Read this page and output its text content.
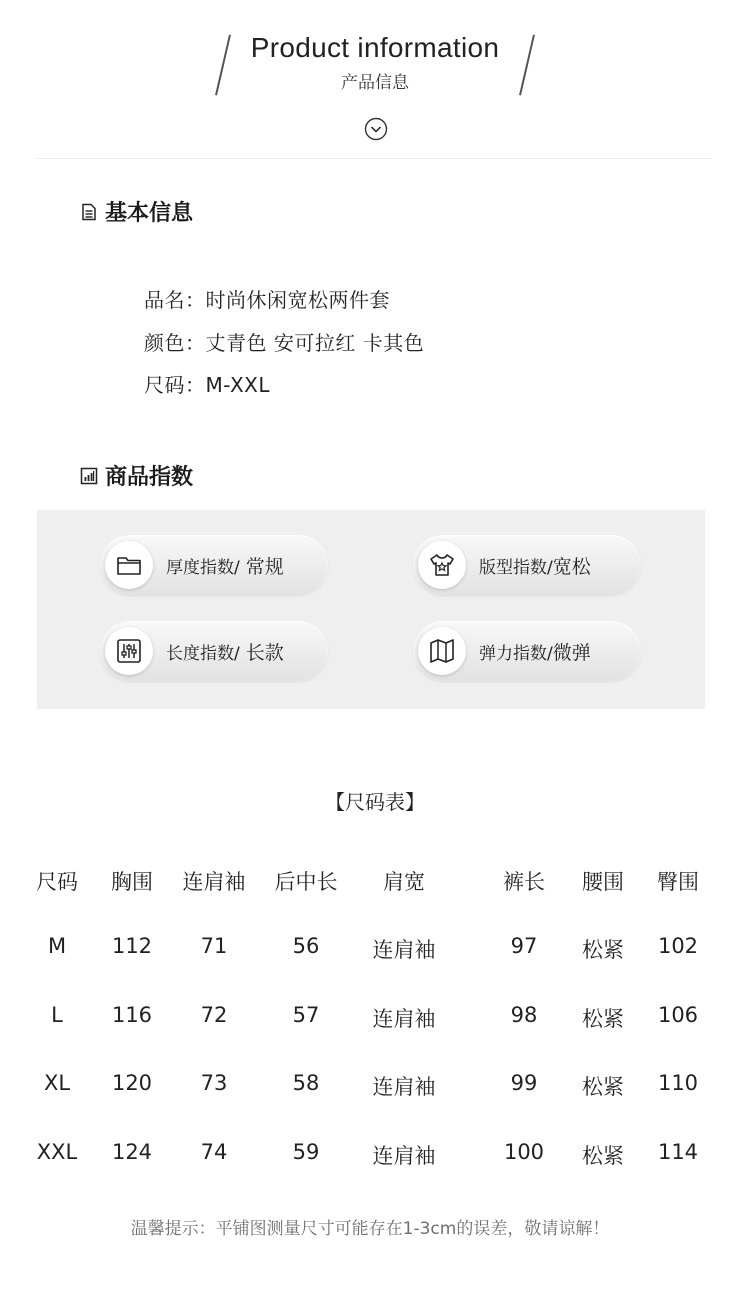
Product information
产品信息
基本信息
品名：时尚休闲宽松两件套
颜色：丈青色 安可拉红 卡其色
尺码：M-XXL
商品指数
厚度指数/ 常规	版型指数/宽松
长度指数/ 长款	弹力指数/微弹
【尺码表】
尺码	胸围	连肩袖	后中长	肩宽	裤长	腰围	臀围
M	112	71	56	连肩袖	97	松紧	102
L	116	72	57	连肩袖	98	松紧	106
XL	120	73	58	连肩袖	99	松紧	110
XXL	124	74	59	连肩袖	100	松紧	114
温馨提示：平铺图测量尺寸可能存在1-3cm的误差，敬请谅解！
